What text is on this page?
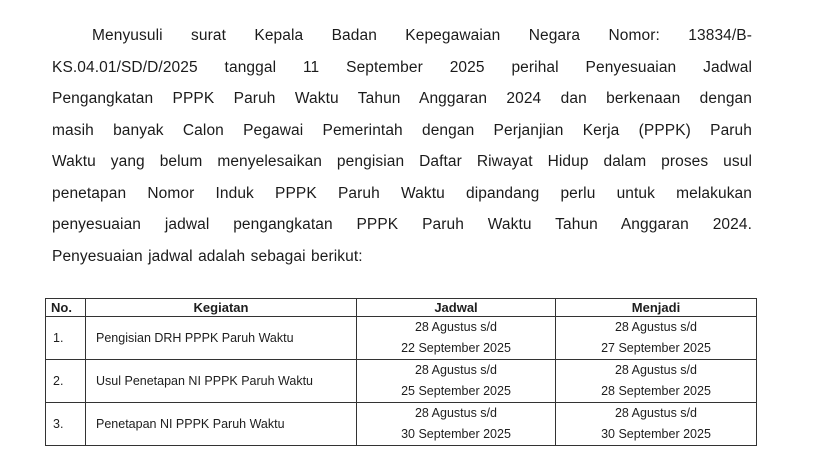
Menyusuli surat Kepala Badan Kepegawaian Negara Nomor: 13834/B-
KS.04.01/SD/D/2025 tanggal 11 September 2025 perihal Penyesuaian Jadwal
Pengangkatan PPPK Paruh Waktu Tahun Anggaran 2024 dan berkenaan dengan
masih banyak Calon Pegawai Pemerintah dengan Perjanjian Kerja (PPPK) Paruh
Waktu yang belum menyelesaikan pengisian Daftar Riwayat Hidup dalam proses usul
penetapan Nomor Induk PPPK Paruh Waktu dipandang perlu untuk melakukan
penyesuaian jadwal pengangkatan PPPK Paruh Waktu Tahun Anggaran 2024.
Penyesuaian jadwal adalah sebagai berikut:
No.	Kegiatan	Jadwal	Menjadi
1.	Pengisian DRH PPPK Paruh Waktu	28 Agustus s/d
22 September 2025	28 Agustus s/d
27 September 2025

2.	Usul Penetapan NI PPPK Paruh Waktu	28 Agustus s/d
25 September 2025	28 Agustus s/d
28 September 2025

3.	Penetapan NI PPPK Paruh Waktu	28 Agustus s/d
30 September 2025	28 Agustus s/d
30 September 2025
